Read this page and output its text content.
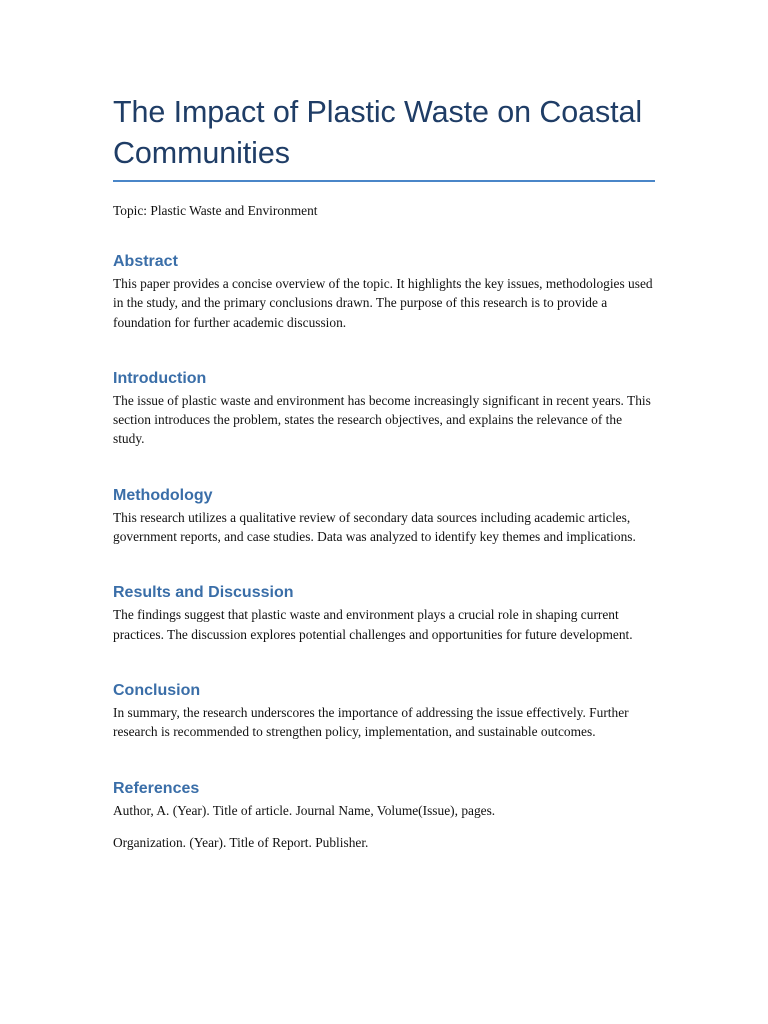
The Impact of Plastic Waste on Coastal Communities

Topic: Plastic Waste and Environment

Abstract

This paper provides a concise overview of the topic. It highlights the key issues, methodologies used in the study, and the primary conclusions drawn. The purpose of this research is to provide a foundation for further academic discussion.

Introduction

The issue of plastic waste and environment has become increasingly significant in recent years. This section introduces the problem, states the research objectives, and explains the relevance of the study.

Methodology

This research utilizes a qualitative review of secondary data sources including academic articles, government reports, and case studies. Data was analyzed to identify key themes and implications.

Results and Discussion

The findings suggest that plastic waste and environment plays a crucial role in shaping current practices. The discussion explores potential challenges and opportunities for future development.

Conclusion

In summary, the research underscores the importance of addressing the issue effectively. Further research is recommended to strengthen policy, implementation, and sustainable outcomes.

References

Author, A. (Year). Title of article. Journal Name, Volume(Issue), pages.

Organization. (Year). Title of Report. Publisher.
